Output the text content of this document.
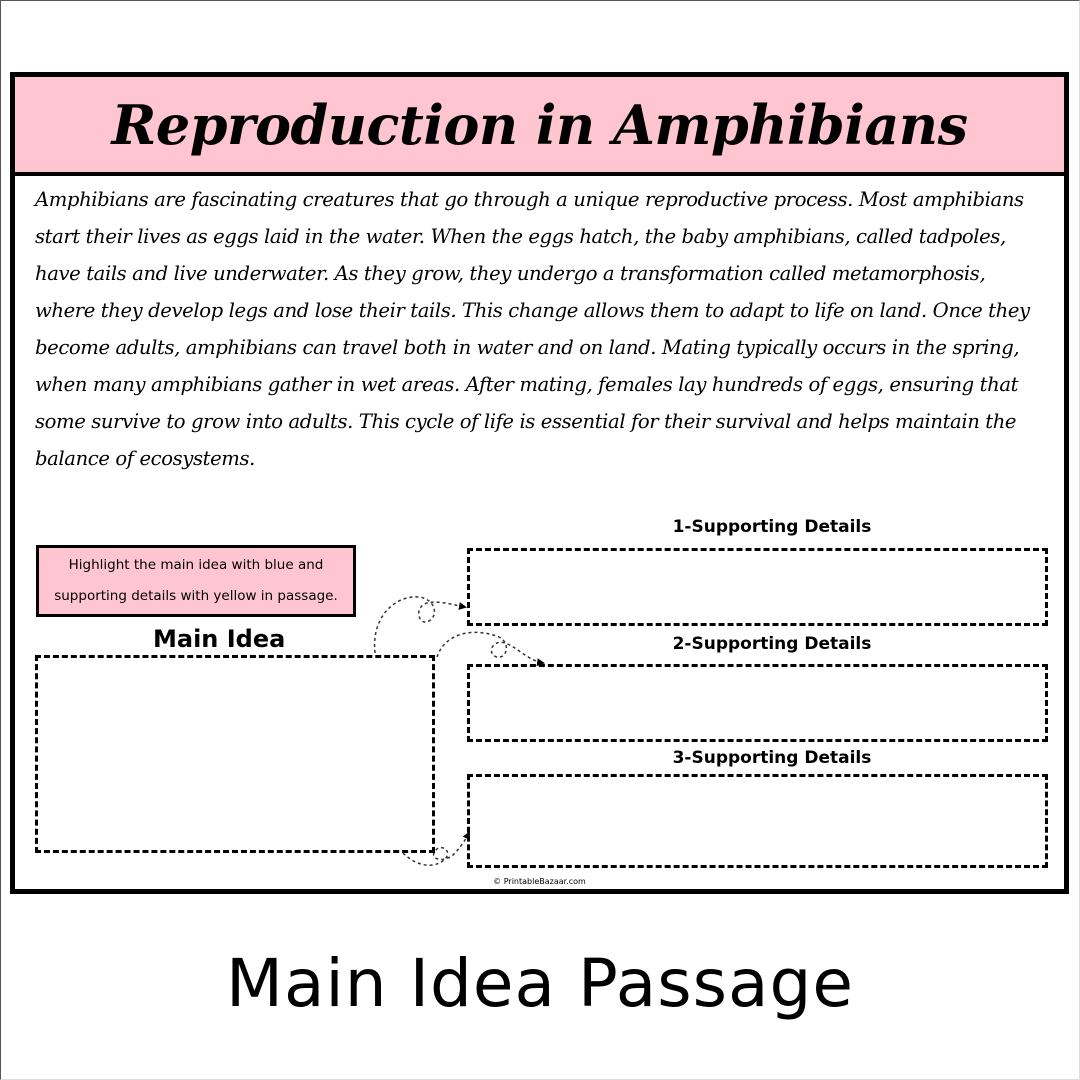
Reproduction in Amphibians

Amphibians are fascinating creatures that go through a unique reproductive process. Most amphibians start their lives as eggs laid in the water. When the eggs hatch, the baby amphibians, called tadpoles, have tails and live underwater. As they grow, they undergo a transformation called metamorphosis, where they develop legs and lose their tails. This change allows them to adapt to life on land. Once they become adults, amphibians can travel both in water and on land. Mating typically occurs in the spring, when many amphibians gather in wet areas. After mating, females lay hundreds of eggs, ensuring that some survive to grow into adults. This cycle of life is essential for their survival and helps maintain the balance of ecosystems.

Highlight the main idea with blue and supporting details with yellow in passage.
Main Idea
1-Supporting Details
2-Supporting Details
3-Supporting Details
© PrintableBazaar.com
Main Idea Passage
